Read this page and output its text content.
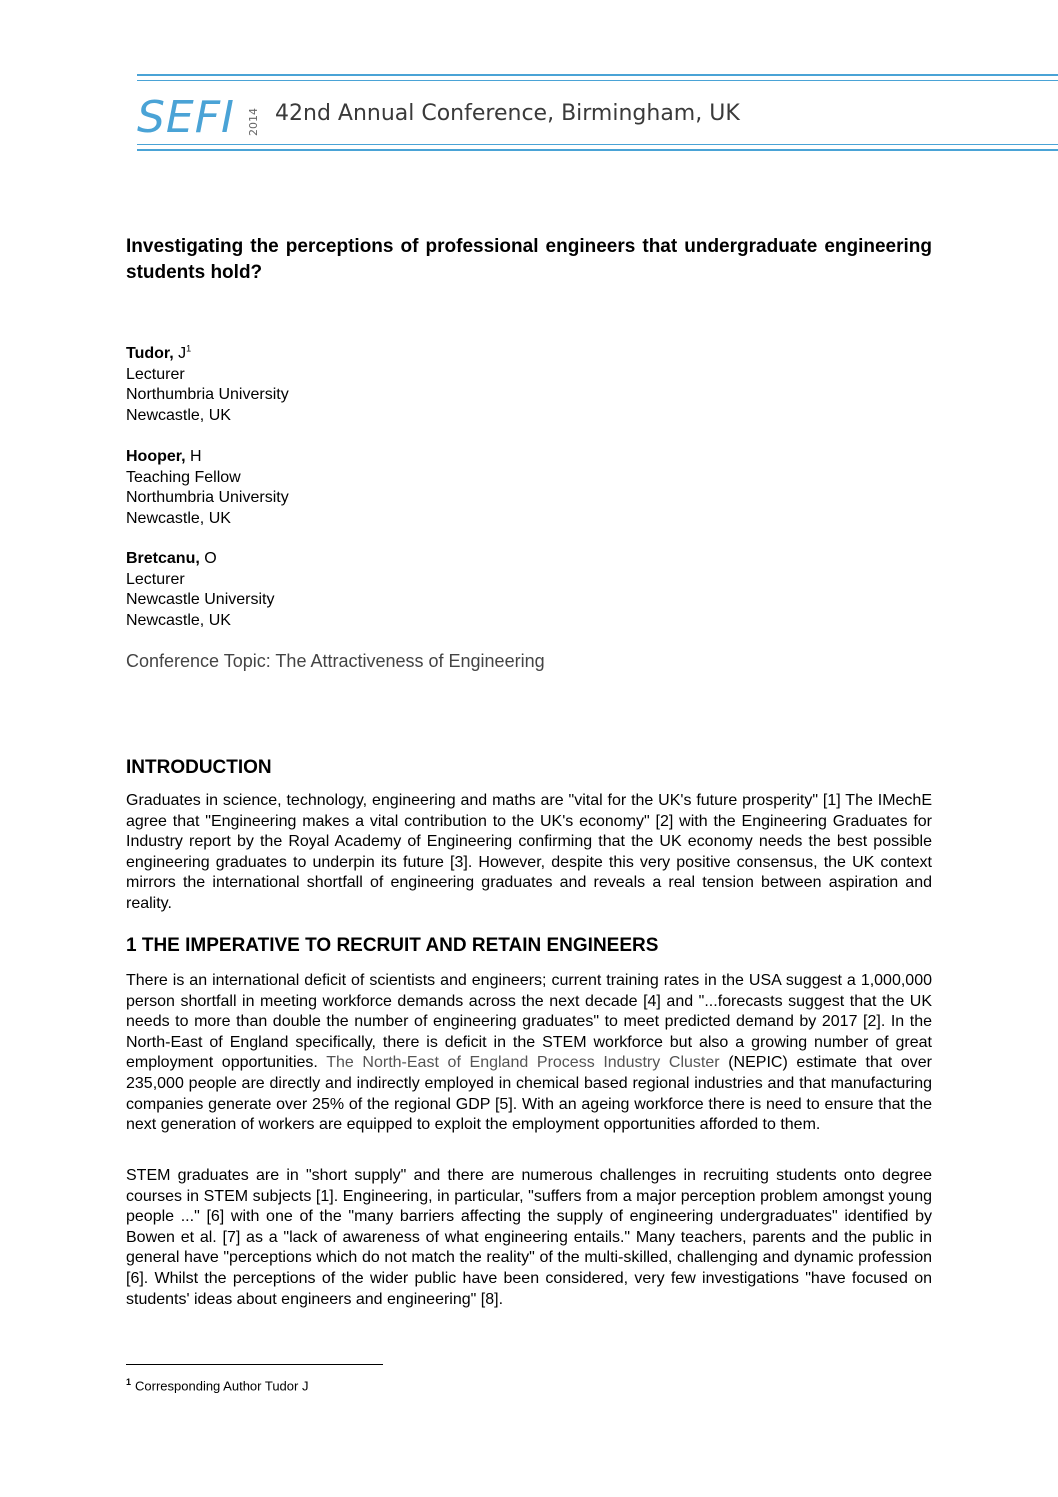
SEFI 2014 42nd Annual Conference, Birmingham, UK
Investigating the perceptions of professional engineers that undergraduate engineering students hold?
Tudor, $J^1$
Lecturer
Northumbria University
Newcastle, UK
Hooper, H
Teaching Fellow
Northumbria University
Newcastle, UK
Bretcanu, O
Lecturer
Newcastle University
Newcastle, UK
Conference Topic: The Attractiveness of Engineering
INTRODUCTION

Graduates in science, technology, engineering and maths are "vital for the UK's future prosperity" [1] The IMechE agree that "Engineering makes a vital contribution to the UK's economy" [2] with the Engineering Graduates for Industry report by the Royal Academy of Engineering confirming that the UK economy needs the best possible engineering graduates to underpin its future [3]. However, despite this very positive consensus, the UK context mirrors the international shortfall of engineering graduates and reveals a real tension between aspiration and reality.

1 THE IMPERATIVE TO RECRUIT AND RETAIN ENGINEERS

There is an international deficit of scientists and engineers; current training rates in the USA suggest a 1,000,000 person shortfall in meeting workforce demands across the next decade [4] and "...forecasts suggest that the UK needs to more than double the number of engineering graduates" to meet predicted demand by 2017 [2]. In the North-East of England specifically, there is deficit in the STEM workforce but also a growing number of great employment opportunities. The North-East of England Process Industry Cluster (NEPIC) estimate that over 235,000 people are directly and indirectly employed in chemical based regional industries and that manufacturing companies generate over 25% of the regional GDP [5]. With an ageing workforce there is need to ensure that the next generation of workers are equipped to exploit the employment opportunities afforded to them.

STEM graduates are in "short supply" and there are numerous challenges in recruiting students onto degree courses in STEM subjects [1]. Engineering, in particular, "suffers from a major perception problem amongst young people ..." [6] with one of the "many barriers affecting the supply of engineering undergraduates" identified by Bowen et al. [7] as a "lack of awareness of what engineering entails." Many teachers, parents and the public in general have "perceptions which do not match the reality" of the multi-skilled, challenging and dynamic profession [6]. Whilst the perceptions of the wider public have been considered, very few investigations "have focused on students' ideas about engineers and engineering" [8].

$^1$ Corresponding Author Tudor J
